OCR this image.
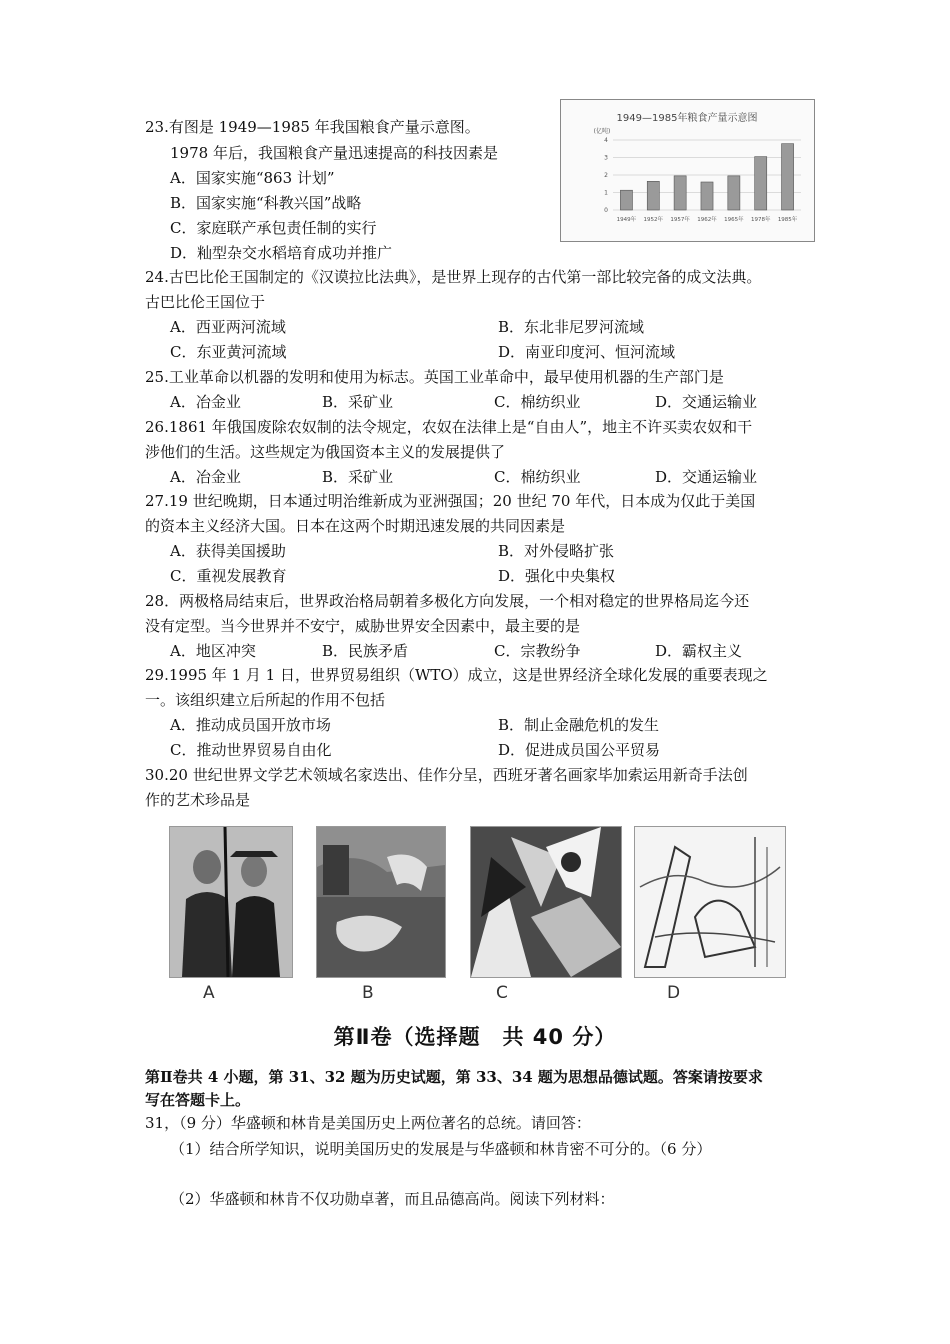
23.有图是 1949—1985 年我国粮食产量示意图。
1978 年后，我国粮食产量迅速提高的科技因素是
A．国家实施“863 计划”
B．国家实施“科教兴国”战略
C．家庭联产承包责任制的实行
D．籼型杂交水稻培育成功并推广
1949—1985年粮食产量示意图
(亿吨)
0
1
2
3
4
1949年 1952年 1957年 1962年 1965年 1978年 1985年
24.古巴比伦王国制定的《汉谟拉比法典》，是世界上现存的古代第一部比较完备的成文法典。
古巴比伦王国位于
A．西亚两河流域	B．东北非尼罗河流域
C．东亚黄河流域	D．南亚印度河、恒河流域
25.工业革命以机器的发明和使用为标志。英国工业革命中，最早使用机器的生产部门是
A．冶金业	B．采矿业	C．棉纺织业	D．交通运输业
26.1861 年俄国废除农奴制的法令规定，农奴在法律上是“自由人”，地主不许买卖农奴和干
涉他们的生活。这些规定为俄国资本主义的发展提供了
A．冶金业	B．采矿业	C．棉纺织业	D．交通运输业
27.19 世纪晚期，日本通过明治维新成为亚洲强国；20 世纪 70 年代，日本成为仅此于美国
的资本主义经济大国。日本在这两个时期迅速发展的共同因素是
A．获得美国援助	B．对外侵略扩张
C．重视发展教育	D．强化中央集权
28．两极格局结束后，世界政治格局朝着多极化方向发展，一个相对稳定的世界格局迄今还
没有定型。当今世界并不安宁，威胁世界安全因素中，最主要的是
A．地区冲突	B．民族矛盾	C．宗教纷争	D．霸权主义
29.1995 年 1 月 1 日，世界贸易组织（WTO）成立，这是世界经济全球化发展的重要表现之
一。该组织建立后所起的作用不包括
A．推动成员国开放市场	B．制止金融危机的发生
C．推动世界贸易自由化	D．促进成员国公平贸易
30.20 世纪世界文学艺术领域名家迭出、佳作分呈，西班牙著名画家毕加索运用新奇手法创
作的艺术珍品是
A	B	C	D
第Ⅱ卷（选择题　共 40 分）
第Ⅱ卷共 4 小题，第 31、32 题为历史试题，第 33、34 题为思想品德试题。答案请按要求
写在答题卡上。
31，（9 分）华盛顿和林肯是美国历史上两位著名的总统。请回答：
（1）结合所学知识，说明美国历史的发展是与华盛顿和林肯密不可分的。（6 分）
（2）华盛顿和林肯不仅功勋卓著，而且品德高尚。阅读下列材料：
